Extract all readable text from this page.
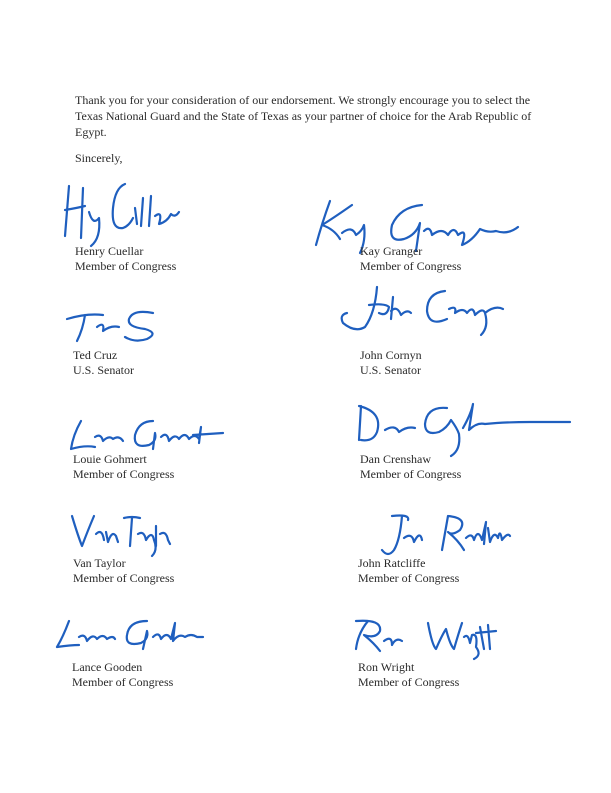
Thank you for your consideration of our endorsement. We strongly encourage you to select the Texas National Guard and the State of Texas as your partner of choice for the Arab Republic of Egypt.

Sincerely,
Henry Cuellar
Member of Congress
Kay Granger
Member of Congress
Ted Cruz
U.S. Senator
John Cornyn
U.S. Senator
Louie Gohmert
Member of Congress
Dan Crenshaw
Member of Congress
Van Taylor
Member of Congress
John Ratcliffe
Member of Congress
Lance Gooden
Member of Congress
Ron Wright
Member of Congress
